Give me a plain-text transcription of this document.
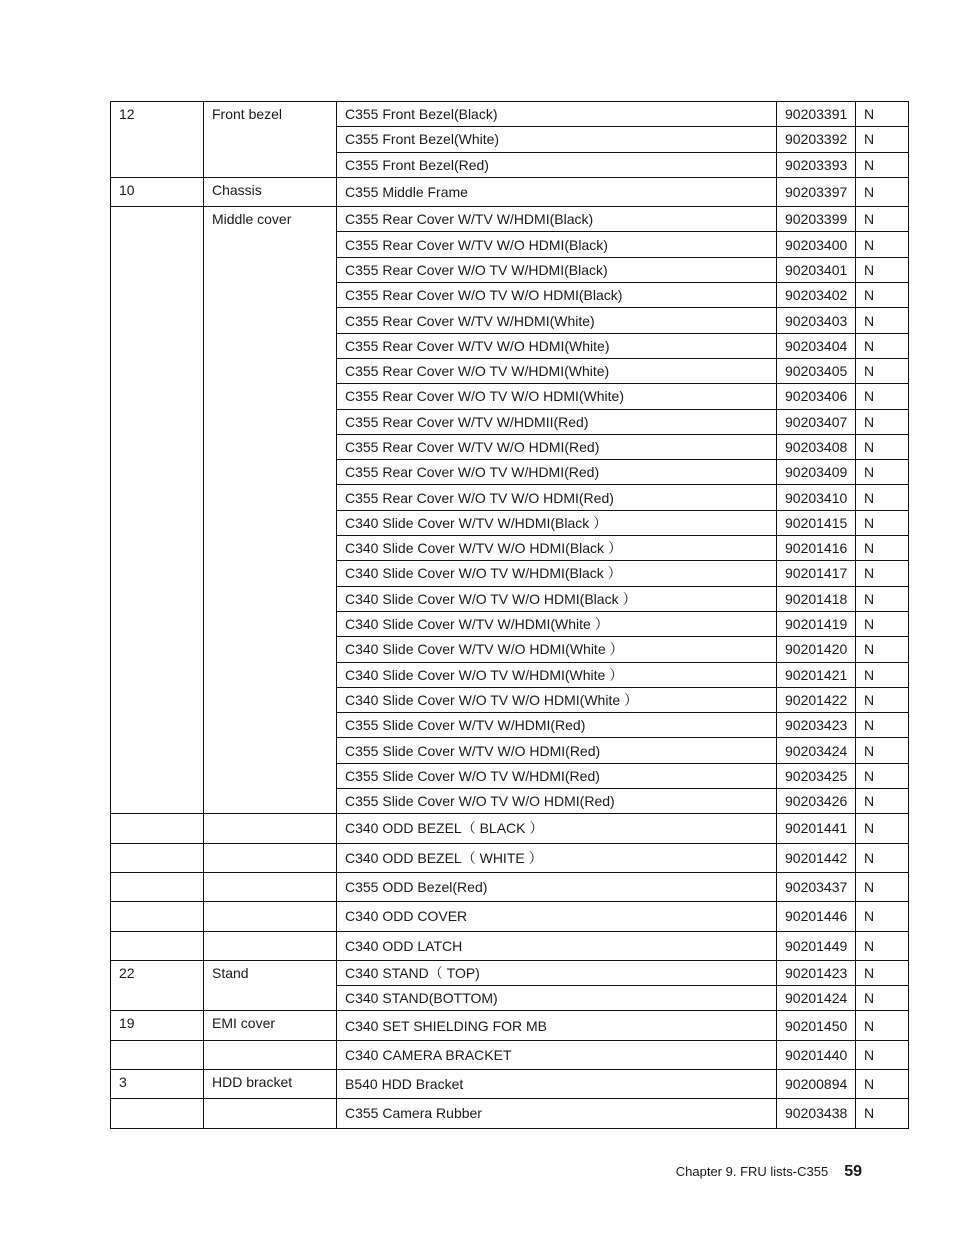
12	Front bezel	C355 Front Bezel(Black)	90203391	N
		C355 Front Bezel(White)	90203392	N
		C355 Front Bezel(Red)	90203393	N
10	Chassis	C355 Middle Frame	90203397	N
	Middle cover	C355 Rear Cover W/TV W/HDMI(Black)	90203399	N
		C355 Rear Cover W/TV W/O HDMI(Black)	90203400	N
		C355 Rear Cover W/O TV W/HDMI(Black)	90203401	N
		C355 Rear Cover W/O TV W/O HDMI(Black)	90203402	N
		C355 Rear Cover W/TV W/HDMI(White)	90203403	N
		C355 Rear Cover W/TV W/O HDMI(White)	90203404	N
		C355 Rear Cover W/O TV W/HDMI(White)	90203405	N
		C355 Rear Cover W/O TV W/O HDMI(White)	90203406	N
		C355 Rear Cover W/TV W/HDMII(Red)	90203407	N
		C355 Rear Cover W/TV W/O HDMI(Red)	90203408	N
		C355 Rear Cover W/O TV W/HDMI(Red)	90203409	N
		C355 Rear Cover W/O TV W/O HDMI(Red)	90203410	N
		C340 Slide Cover W/TV W/HDMI(Black ）	90201415	N
		C340 Slide Cover W/TV W/O HDMI(Black ）	90201416	N
		C340 Slide Cover W/O TV W/HDMI(Black ）	90201417	N
		C340 Slide Cover W/O TV W/O HDMI(Black ）	90201418	N
		C340 Slide Cover W/TV W/HDMI(White ）	90201419	N
		C340 Slide Cover W/TV W/O HDMI(White ）	90201420	N
		C340 Slide Cover W/O TV W/HDMI(White ）	90201421	N
		C340 Slide Cover W/O TV W/O HDMI(White ）	90201422	N
		C355 Slide Cover W/TV W/HDMI(Red)	90203423	N
		C355 Slide Cover W/TV W/O HDMI(Red)	90203424	N
		C355 Slide Cover W/O TV W/HDMI(Red)	90203425	N
		C355 Slide Cover W/O TV W/O HDMI(Red)	90203426	N
		C340 ODD BEZEL（ BLACK ）	90201441	N
		C340 ODD BEZEL（ WHITE ）	90201442	N
		C355 ODD Bezel(Red)	90203437	N
		C340 ODD COVER	90201446	N
		C340 ODD LATCH	90201449	N
22	Stand	C340 STAND（ TOP)	90201423	N
		C340 STAND(BOTTOM)	90201424	N
19	EMI cover	C340 SET SHIELDING FOR MB	90201450	N
		C340 CAMERA BRACKET	90201440	N
3	HDD bracket	B540 HDD Bracket	90200894	N
		C355 Camera Rubber	90203438	N
Chapter 9. FRU lists-C355 59
